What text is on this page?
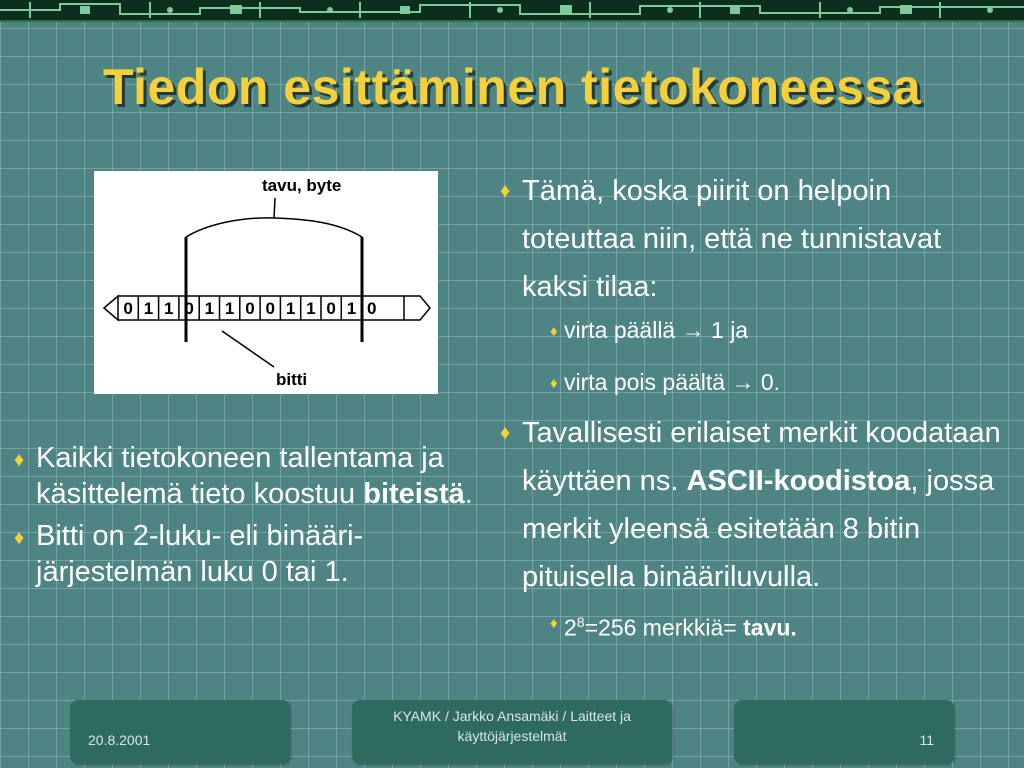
Tiedon esittäminen tietokoneessa
tavu, byte
0 1 1 0 1 1 0 0 1 1 0 1 0
bitti
♦ Kaikki tietokoneen tallentama ja käsittelemä tieto koostuu biteistä.
♦ Bitti on 2-luku- eli binääri-järjestelmän luku 0 tai 1.
♦ Tämä, koska piirit on helpoin toteuttaa niin, että ne tunnistavat kaksi tilaa:
♦ virta päällä → 1 ja
♦ virta pois päältä → 0.
♦ Tavallisesti erilaiset merkit koodataan käyttäen ns. ASCII-koodistoa, jossa merkit yleensä esitetään 8 bitin pituisella binääriluvulla.
♦ $2^8=256$ merkkiä= tavu.
20.8.2001
KYAMK / Jarkko Ansamäki / Laitteet ja
käyttöjärjestelmät	11
